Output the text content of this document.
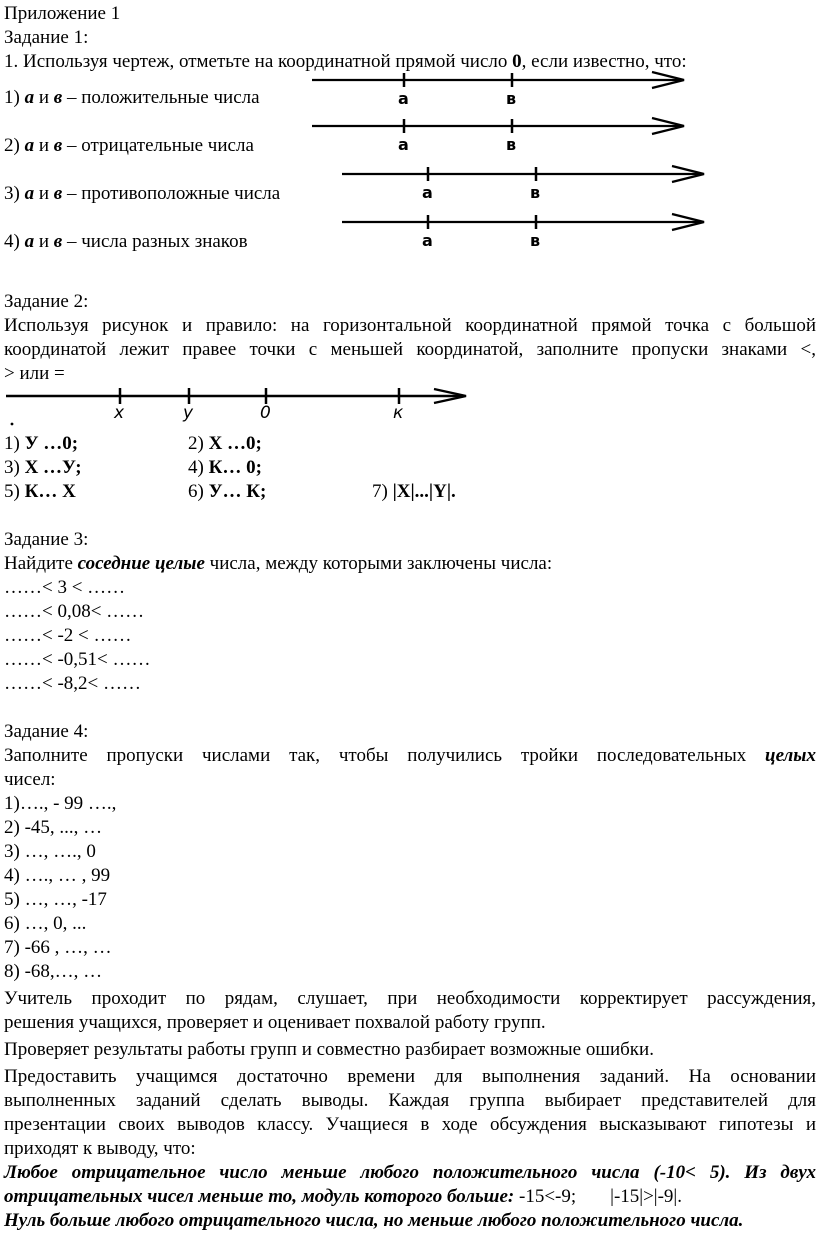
Приложение 1
Задание 1:
1. Используя чертеж, отметьте на координатной прямой число 0, если известно, что:
1) а и в – положительные числа	а	в
2) а и в – отрицательные числа	а	в
3) а и в – противоположные числа	а	в
4) а и в – числа разных знаков	а	в
Задание 2:
Используя рисунок и правило: на горизонтальной координатной прямой точка с большой
координатой лежит правее точки с меньшей координатой, заполните пропуски знаками <,
> или =
х	у	0	к
1) У …0;	2) Х …0;
3) Х …У;	4) К… 0;
5) К… Х	6) У… К;	7) |Х|...|Y|.
Задание 3:
Найдите соседние целые числа, между которыми заключены числа:
……< 3 < ……
……< 0,08< ……
……< -2 < ……
……< -0,51< ……
……< -8,2< ……
Задание 4:
Заполните пропуски числами так, чтобы получились тройки последовательных целых
чисел:
1)…., - 99 ….,
2) -45, ..., …
3) …, …., 0
4) …., … , 99
5) …, …, -17
6) …, 0, ...
7) -66 , …, …
8) -68,…, …
Учитель проходит по рядам, слушает, при необходимости корректирует рассуждения,
решения учащихся, проверяет и оценивает похвалой работу групп.
Проверяет результаты работы групп и совместно разбирает возможные ошибки.
Предоставить учащимся достаточно времени для выполнения заданий. На основании
выполненных заданий сделать выводы. Каждая группа выбирает представителей для
презентации своих выводов классу. Учащиеся в ходе обсуждения высказывают гипотезы и
приходят к выводу, что:
Любое отрицательное число меньше любого положительного числа (-10< 5). Из двух
отрицательных чисел меньше то, модуль которого больше: -15<-9; |-15|>|-9|.
Нуль больше любого отрицательного числа, но меньше любого положительного числа.
